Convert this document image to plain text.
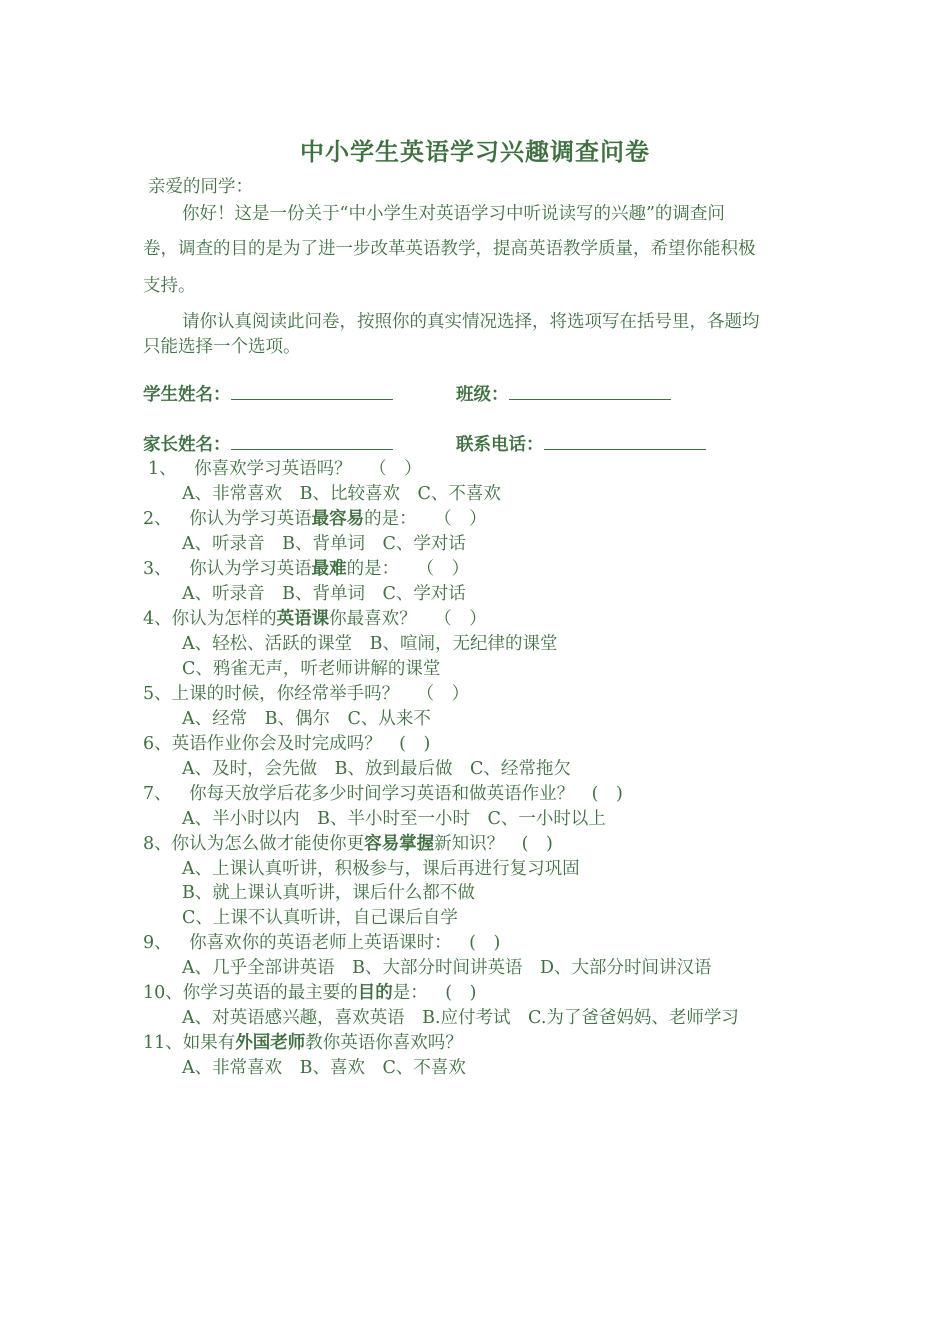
中小学生英语学习兴趣调查问卷
亲爱的同学：
你好！这是一份关于“中小学生对英语学习中听说读写的兴趣”的调查问
卷，调查的目的是为了进一步改革英语教学，提高英语教学质量，希望你能积极
支持。
请你认真阅读此问卷，按照你的真实情况选择，将选项写在括号里，各题均
只能选择一个选项。
学生姓名：	班级：
家长姓名：	联系电话：
1、 你喜欢学习英语吗？ （ ）
A、非常喜欢 B、比较喜欢 C、不喜欢
2、 你认为学习英语最容易的是： （ ）
A、听录音 B、背单词 C、学对话
3、 你认为学习英语最难的是： （ ）
A、听录音 B、背单词 C、学对话
4、你认为怎样的英语课你最喜欢？ （ ）
A、轻松、活跃的课堂 B、喧闹，无纪律的课堂
C、鸦雀无声，听老师讲解的课堂
5、上课的时候，你经常举手吗？ （ ）
A、经常 B、偶尔 C、从来不
6、英语作业你会及时完成吗？ ( )
A、及时，会先做 B、放到最后做 C、经常拖欠
7、 你每天放学后花多少时间学习英语和做英语作业？ ( )
A、半小时以内 B、半小时至一小时 C、一小时以上
8、你认为怎么做才能使你更容易掌握新知识？ ( )
A、上课认真听讲，积极参与，课后再进行复习巩固
B、就上课认真听讲，课后什么都不做
C、上课不认真听讲，自己课后自学
9、 你喜欢你的英语老师上英语课时： ( )
A、几乎全部讲英语 B、大部分时间讲英语 D、大部分时间讲汉语
10、你学习英语的最主要的目的是： ( )
A、对英语感兴趣，喜欢英语 B.应付考试 C.为了爸爸妈妈、老师学习
11、如果有外国老师教你英语你喜欢吗？
A、非常喜欢 B、喜欢 C、不喜欢
